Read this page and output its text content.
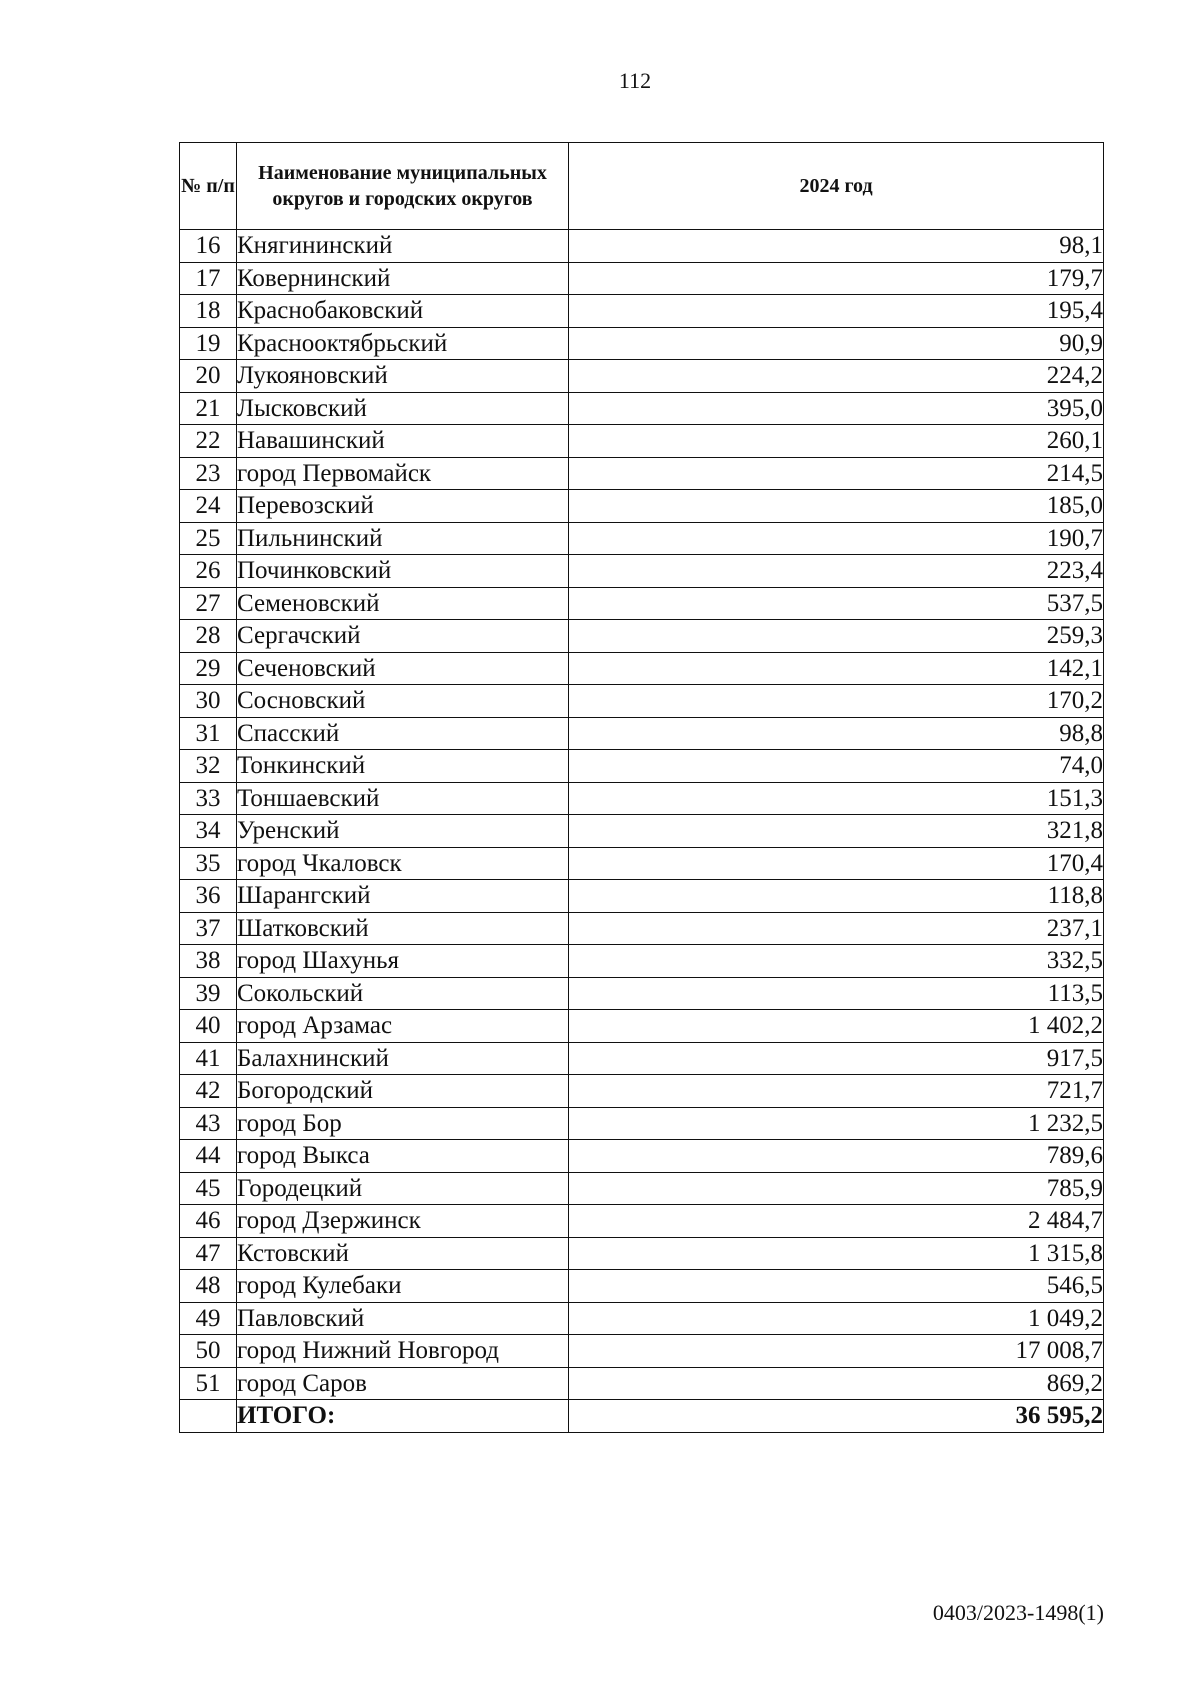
112
№ п/п	Наименование муниципальных округов и городских округов	2024 год
16	Княгининский	98,1
17	Ковернинский	179,7
18	Краснобаковский	195,4
19	Краснооктябрьский	90,9
20	Лукояновский	224,2
21	Лысковский	395,0
22	Навашинский	260,1
23	город Первомайск	214,5
24	Перевозский	185,0
25	Пильнинский	190,7
26	Починковский	223,4
27	Семеновский	537,5
28	Сергачский	259,3
29	Сеченовский	142,1
30	Сосновский	170,2
31	Спасский	98,8
32	Тонкинский	74,0
33	Тоншаевский	151,3
34	Уренский	321,8
35	город Чкаловск	170,4
36	Шарангский	118,8
37	Шатковский	237,1
38	город Шахунья	332,5
39	Сокольский	113,5
40	город Арзамас	1 402,2
41	Балахнинский	917,5
42	Богородский	721,7
43	город Бор	1 232,5
44	город Выкса	789,6
45	Городецкий	785,9
46	город Дзержинск	2 484,7
47	Кстовский	1 315,8
48	город Кулебаки	546,5
49	Павловский	1 049,2
50	город Нижний Новгород	17 008,7
51	город Саров	869,2
	ИТОГО:	36 595,2
0403/2023-1498(1)
